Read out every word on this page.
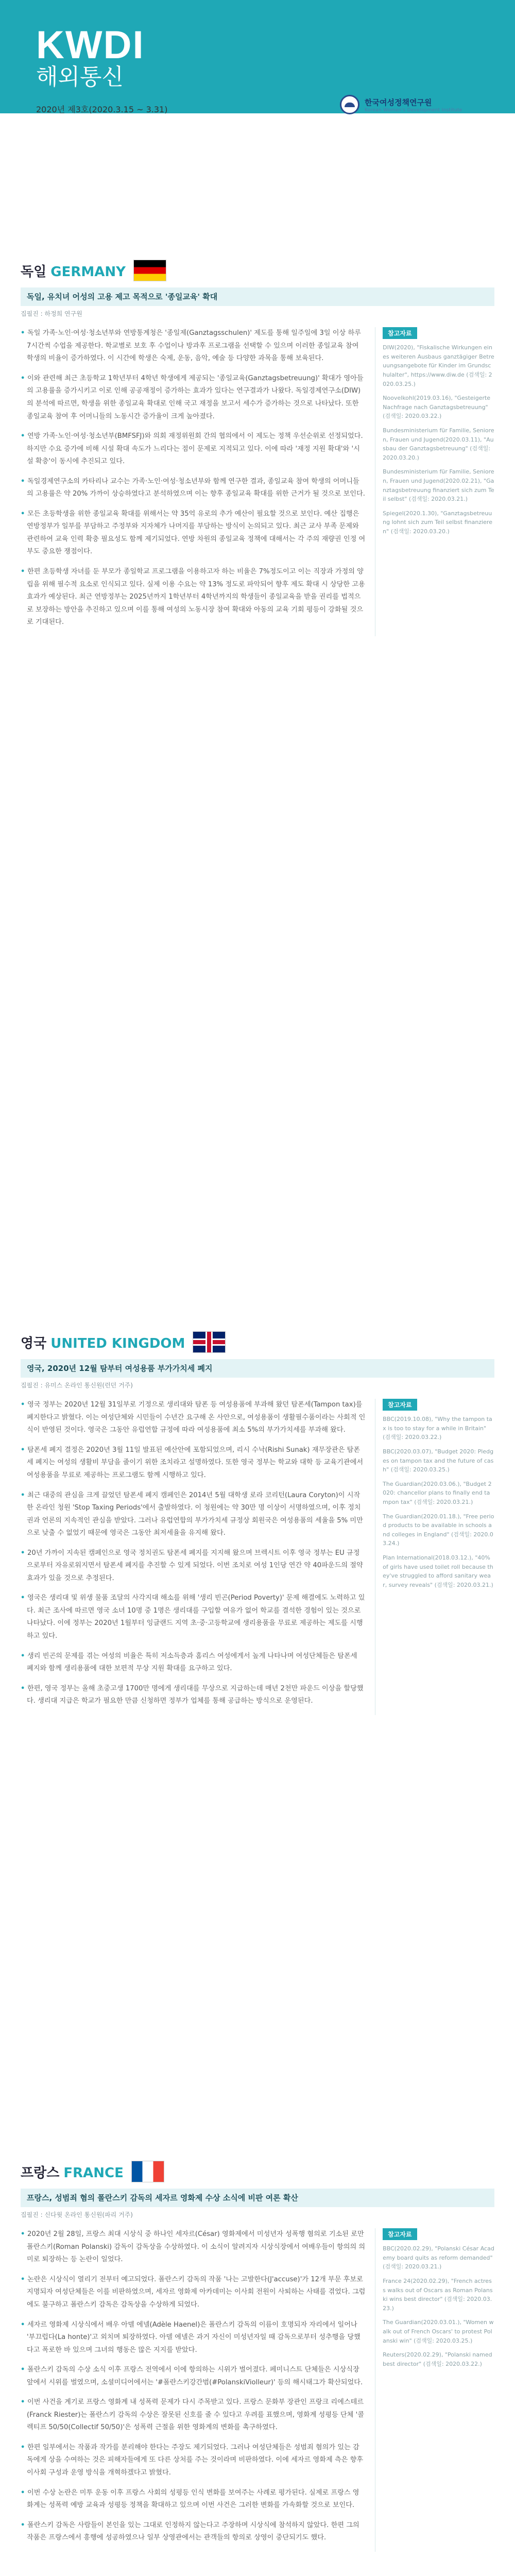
KWDI
해외통신
2020년 제3호(2020.3.15 ~ 3.31)
한국여성정책연구원
Korean Women's Development Institute
독일 GERMANY
독일, 유치녀 어성의 고용 제고 목적으로 '종일교육' 확대
집필진 : 하정희 연구원

• 독일 가족·노인·여성·청소년부와 연방통계청은 '종일제(Ganztagsschulen)' 제도를 통해 일주일에 3일 이상 하루 7시간씩 수업을 제공한다. 학교별로 보호 후 수업이나 방과후 프로그램을 선택할 수 있으며 이러한 종일교육 참여 학생의 비율이 증가하였다. 이 시간에 학생은 숙제, 운동, 음악, 예술 등 다양한 과목을 통해 보육된다.

• 이와 관련해 최근 초등학교 1학년부터 4학년 학생에게 제공되는 '종일교육(Ganztagsbetreuung)' 확대가 영아들의 고용률을 증가시키고 이로 인해 공공재정이 증가하는 효과가 있다는 연구결과가 나왔다. 독일경제연구소(DIW)의 분석에 따르면, 학생을 위한 종일교육 확대로 인해 국고 재정을 보고서 세수가 증가하는 것으로 나타났다. 또한 종일교육 참여 후 어머니들의 노동시간 증가율이 크게 높아졌다.

• 연방 가족·노인·여성·청소년부(BMFSFJ)와 의회 재정위원회 간의 협의에서 이 제도는 정책 우선순위로 선정되었다. 하지만 수요 증가에 비해 시설 확대 속도가 느리다는 점이 문제로 지적되고 있다. 이에 따라 '재정 지원 확대'와 '시설 확충'이 동시에 추진되고 있다.

• 독일경제연구소의 카타리나 교수는 가족·노인·여성·청소년부와 함께 연구한 결과, 종일교육 참여 학생의 어머니들의 고용률은 약 20% 가까이 상승하였다고 분석하였으며 이는 향후 종일교육 확대를 위한 근거가 될 것으로 보인다.

• 모든 초등학생을 위한 종일교육 확대를 위해서는 약 35억 유로의 추가 예산이 필요할 것으로 보인다. 예산 집행은 연방정부가 일부를 부담하고 주정부와 지자체가 나머지를 부담하는 방식이 논의되고 있다. 최근 교사 부족 문제와 관련하여 교육 인력 확충 필요성도 함께 제기되었다. 연방 차원의 종일교육 정책에 대해서는 각 주의 재량권 인정 여부도 중요한 쟁점이다.

• 한편 초등학생 자녀를 둔 부모가 종일학교 프로그램을 이용하고자 하는 비율은 7%정도이고 이는 직장과 가정의 양립을 위해 필수적 요소로 인식되고 있다. 실제 이용 수요는 약 13% 정도로 파악되어 향후 제도 확대 시 상당한 고용 효과가 예상된다. 최근 연방정부는 2025년까지 1학년부터 4학년까지의 학생들이 종일교육을 받을 권리를 법적으로 보장하는 방안을 추진하고 있으며 이를 통해 여성의 노동시장 참여 확대와 아동의 교육 기회 평등이 강화될 것으로 기대된다.

참고자료
DIW(2020), "Fiskalische Wirkungen eines weiteren Ausbaus ganztägiger Betreuungsangebote für Kinder im Grundschulalter", https://www.diw.de (검색일: 2020.03.25.)
Noovelkohl(2019.03.16), "Gesteigerte Nachfrage nach Ganztagsbetreuung" (검색일: 2020.03.22.)
Bundesministerium für Familie, Senioren, Frauen und Jugend(2020.03.11), "Ausbau der Ganztagsbetreuung" (검색일: 2020.03.20.)
Bundesministerium für Familie, Senioren, Frauen und Jugend(2020.02.21), "Ganztagsbetreuung finanziert sich zum Teil selbst" (검색일: 2020.03.21.)
Spiegel(2020.1.30), "Ganztagsbetreuung lohnt sich zum Teil selbst finanzieren" (검색일: 2020.03.20.)
영국 UNITED KINGDOM
영국, 2020년 12월 탐부터 여성용품 부가가치세 폐지
집필진 : 유미스 온라인 통신원(런던 거주)

• 영국 정부는 2020년 12월 31일부로 기정으로 생리대와 탐폰 등 여성용품에 부과해 왔던 탐폰세(Tampon tax)를 폐지한다고 밝혔다. 이는 여성단체와 시민들이 수년간 요구해 온 사안으로, 여성용품이 생활필수품이라는 사회적 인식이 반영된 것이다. 영국은 그동안 유럽연합 규정에 따라 여성용품에 최소 5%의 부가가치세를 부과해 왔다.

• 탐폰세 폐지 결정은 2020년 3월 11일 발표된 예산안에 포함되었으며, 리시 수낙(Rishi Sunak) 재무장관은 탐폰세 폐지는 여성의 생활비 부담을 줄이기 위한 조치라고 설명하였다. 또한 영국 정부는 학교와 대학 등 교육기관에서 여성용품을 무료로 제공하는 프로그램도 함께 시행하고 있다.

• 최근 대중의 관심을 크게 끌었던 탐폰세 폐지 캠페인은 2014년 5월 대학생 로라 코리턴(Laura Coryton)이 시작한 온라인 청원 'Stop Taxing Periods'에서 출발하였다. 이 청원에는 약 30만 명 이상이 서명하였으며, 이후 정치권과 언론의 지속적인 관심을 받았다. 그러나 유럽연합의 부가가치세 규정상 회원국은 여성용품의 세율을 5% 미만으로 낮출 수 없었기 때문에 영국은 그동안 최저세율을 유지해 왔다.

• 20년 가까이 지속된 캠페인으로 영국 정치권도 탐폰세 폐지를 지지해 왔으며 브렉시트 이후 영국 정부는 EU 규정으로부터 자유로워지면서 탐폰세 폐지를 추진할 수 있게 되었다. 이번 조치로 여성 1인당 연간 약 40파운드의 절약 효과가 있을 것으로 추정된다.

• 영국은 생리대 및 위생 물품 조달의 사각지대 해소를 위해 '생리 빈곤(Period Poverty)' 문제 해결에도 노력하고 있다. 최근 조사에 따르면 영국 소녀 10명 중 1명은 생리대를 구입할 여유가 없어 학교를 결석한 경험이 있는 것으로 나타났다. 이에 정부는 2020년 1월부터 잉글랜드 지역 초·중·고등학교에 생리용품을 무료로 제공하는 제도를 시행하고 있다.

• 생리 빈곤의 문제를 겪는 여성의 비율은 특히 저소득층과 홈리스 여성에게서 높게 나타나며 여성단체들은 탐폰세 폐지와 함께 생리용품에 대한 보편적 무상 지원 확대를 요구하고 있다.

• 한편, 영국 정부는 올해 초중고생 1700만 명에게 생리대를 무상으로 지급하는데 매년 2천만 파운드 이상을 할당했다. 생리대 지급은 학교가 필요한 만큼 신청하면 정부가 업체를 통해 공급하는 방식으로 운영된다.

참고자료
BBC(2019.10.08), "Why the tampon tax is too to stay for a while in Britain" (검색일: 2020.03.22.)
BBC(2020.03.07), "Budget 2020: Pledges on tampon tax and the future of cash" (검색일: 2020.03.25.)
The Guardian(2020.03.06.), "Budget 2020: chancellor plans to finally end tampon tax" (검색일: 2020.03.21.)
The Guardian(2020.01.18.), "Free period products to be available in schools and colleges in England" (검색일: 2020.03.24.)
Plan International(2018.03.12.), "40% of girls have used toilet roll because they've struggled to afford sanitary wear, survey reveals" (검색일: 2020.03.21.)
프랑스 FRANCE
프랑스, 성범죄 혐의 폴란스키 감독의 세자르 영화제 수상 소식에 비판 여론 확산
집필진 : 신다윗 온라인 통신원(파리 거주)

• 2020년 2월 28일, 프랑스 최대 시상식 중 하나인 세자르(César) 영화제에서 미성년자 성폭행 혐의로 기소된 로만 폴란스키(Roman Polanski) 감독이 감독상을 수상하였다. 이 소식이 알려지자 시상식장에서 여배우들이 항의의 의미로 퇴장하는 등 논란이 일었다.

• 논란은 시상식이 열리기 전부터 예고되었다. 폴란스키 감독의 작품 '나는 고발한다(J'accuse)'가 12개 부문 후보로 지명되자 여성단체들은 이를 비판하였으며, 세자르 영화제 아카데미는 이사회 전원이 사퇴하는 사태를 겪었다. 그럼에도 불구하고 폴란스키 감독은 감독상을 수상하게 되었다.

• 세자르 영화제 시상식에서 배우 아델 에넬(Adèle Haenel)은 폴란스키 감독의 이름이 호명되자 자리에서 일어나 '부끄럽다(La honte)'고 외치며 퇴장하였다. 아델 에넬은 과거 자신이 미성년자일 때 감독으로부터 성추행을 당했다고 폭로한 바 있으며 그녀의 행동은 많은 지지를 받았다.

• 폴란스키 감독의 수상 소식 이후 프랑스 전역에서 이에 항의하는 시위가 벌어졌다. 페미니스트 단체들은 시상식장 앞에서 시위를 벌였으며, 소셜미디어에서는 '#폴란스키강간범(#PolanskiViolleur)' 등의 해시태그가 확산되었다.

• 이번 사건을 계기로 프랑스 영화계 내 성폭력 문제가 다시 주목받고 있다. 프랑스 문화부 장관인 프랑크 리에스테르(Franck Riester)는 폴란스키 감독의 수상은 잘못된 신호를 줄 수 있다고 우려를 표했으며, 영화계 성평등 단체 '콜렉티프 50/50(Collectif 50/50)'은 성폭력 근절을 위한 영화계의 변화를 촉구하였다.

• 한편 일부에서는 작품과 작가를 분리해야 한다는 주장도 제기되었다. 그러나 여성단체들은 성범죄 혐의가 있는 감독에게 상을 수여하는 것은 피해자들에게 또 다른 상처를 주는 것이라며 비판하였다. 이에 세자르 영화제 측은 향후 이사회 구성과 운영 방식을 개혁하겠다고 밝혔다.

• 이번 수상 논란은 미투 운동 이후 프랑스 사회의 성평등 인식 변화를 보여주는 사례로 평가된다. 실제로 프랑스 영화계는 성폭력 예방 교육과 성평등 정책을 확대하고 있으며 이번 사건은 그러한 변화를 가속화할 것으로 보인다.

• 폴란스키 감독은 사람들이 본인을 있는 그대로 인정하지 않는다고 주장하며 시상식에 참석하지 않았다. 한편 그의 작품은 프랑스에서 흥행에 성공하였으나 일부 상영관에서는 관객들의 항의로 상영이 중단되기도 했다.

참고자료
BBC(2020.02.29), "Polanski César Academy board quits as reform demanded" (검색일: 2020.03.21.)
France 24(2020.02.29), "French actress walks out of Oscars as Roman Polanski wins best director" (검색일: 2020.03.23.)
The Guardian(2020.03.01.), "Women walk out of French Oscars' to protest Polanski win" (검색일: 2020.03.25.)
Reuters(2020.02.29), "Polanski named best director" (검색일: 2020.03.22.)
